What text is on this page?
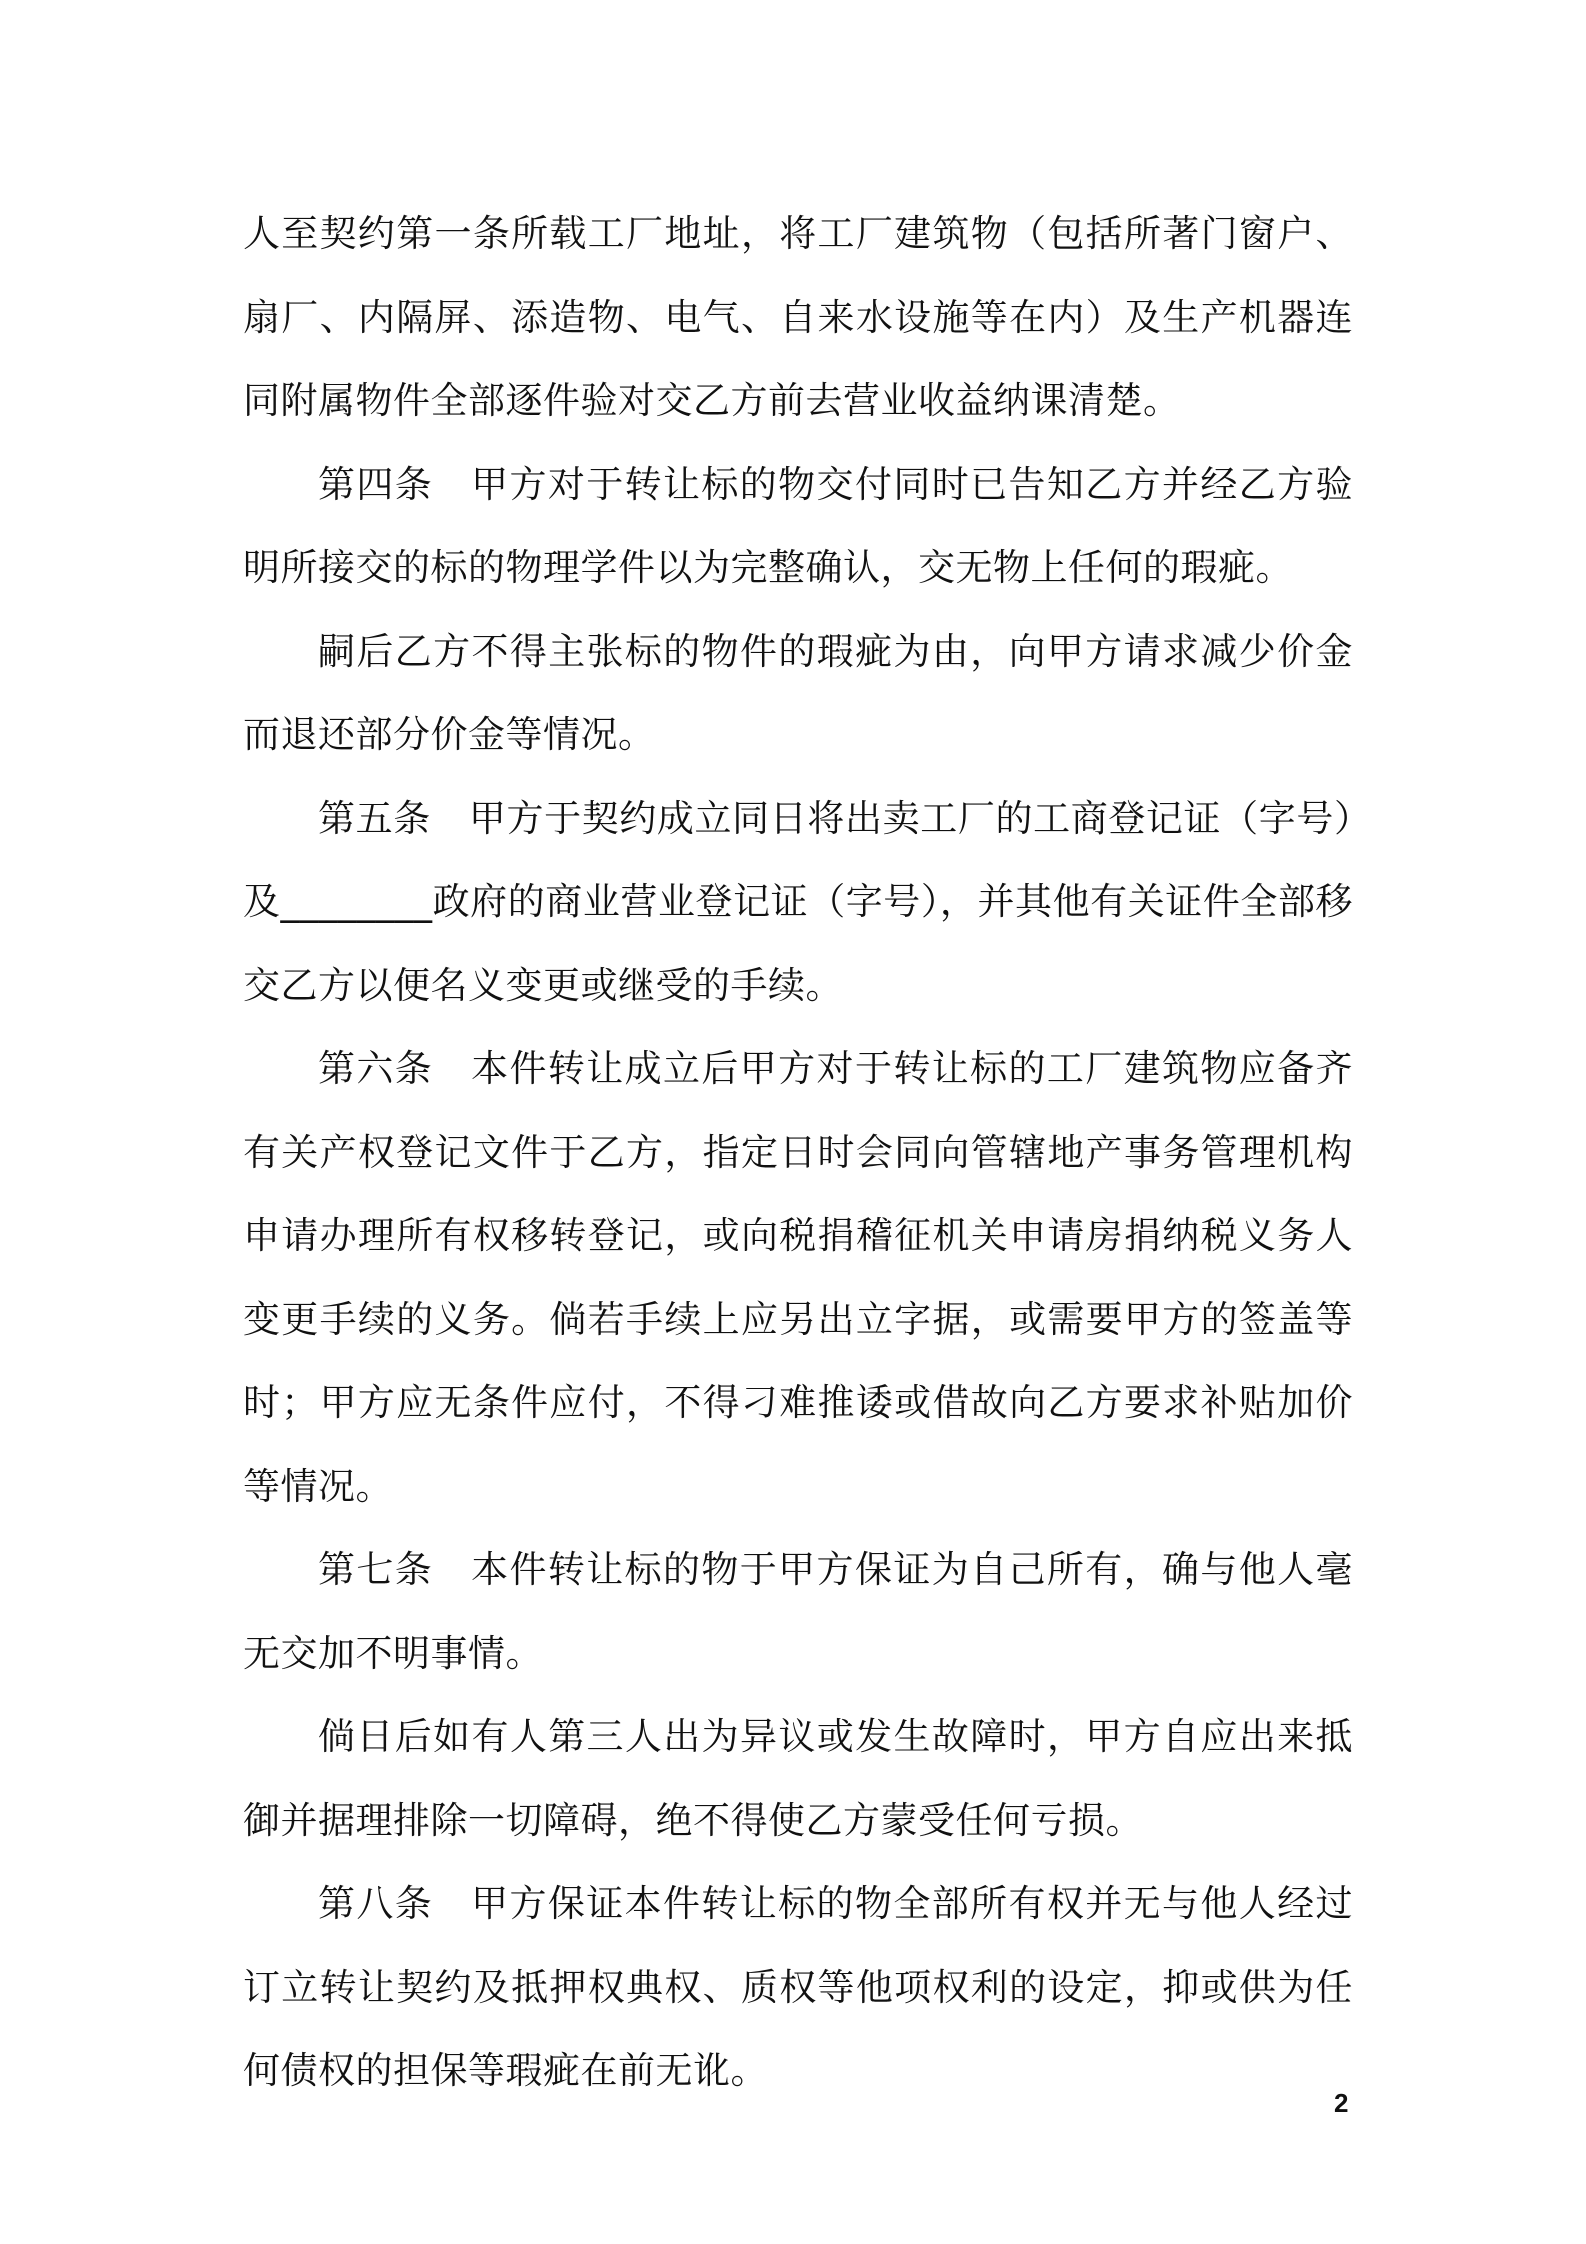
人至契约第一条所载工厂地址，将工厂建筑物（包括所著门窗户、扇厂、内隔屏、添造物、电气、自来水设施等在内）及生产机器连同附属物件全部逐件验对交乙方前去营业收益纳课清楚。

第四条 甲方对于转让标的物交付同时已告知乙方并经乙方验明所接交的标的物理学件以为完整确认，交无物上任何的瑕疵。

嗣后乙方不得主张标的物件的瑕疵为由，向甲方请求减少价金而退还部分价金等情况。

第五条 甲方于契约成立同日将出卖工厂的工商登记证（字号）及________政府的商业营业登记证（字号），并其他有关证件全部移交乙方以便名义变更或继受的手续。

第六条 本件转让成立后甲方对于转让标的工厂建筑物应备齐有关产权登记文件于乙方，指定日时会同向管辖地产事务管理机构申请办理所有权移转登记，或向税捐稽征机关申请房捐纳税义务人变更手续的义务。倘若手续上应另出立字据，或需要甲方的签盖等时；甲方应无条件应付，不得刁难推诿或借故向乙方要求补贴加价等情况。

第七条 本件转让标的物于甲方保证为自己所有，确与他人毫无交加不明事情。

倘日后如有人第三人出为异议或发生故障时，甲方自应出来抵御并据理排除一切障碍，绝不得使乙方蒙受任何亏损。

第八条 甲方保证本件转让标的物全部所有权并无与他人经过订立转让契约及抵押权典权、质权等他项权利的设定，抑或供为任何债权的担保等瑕疵在前无讹。

2
